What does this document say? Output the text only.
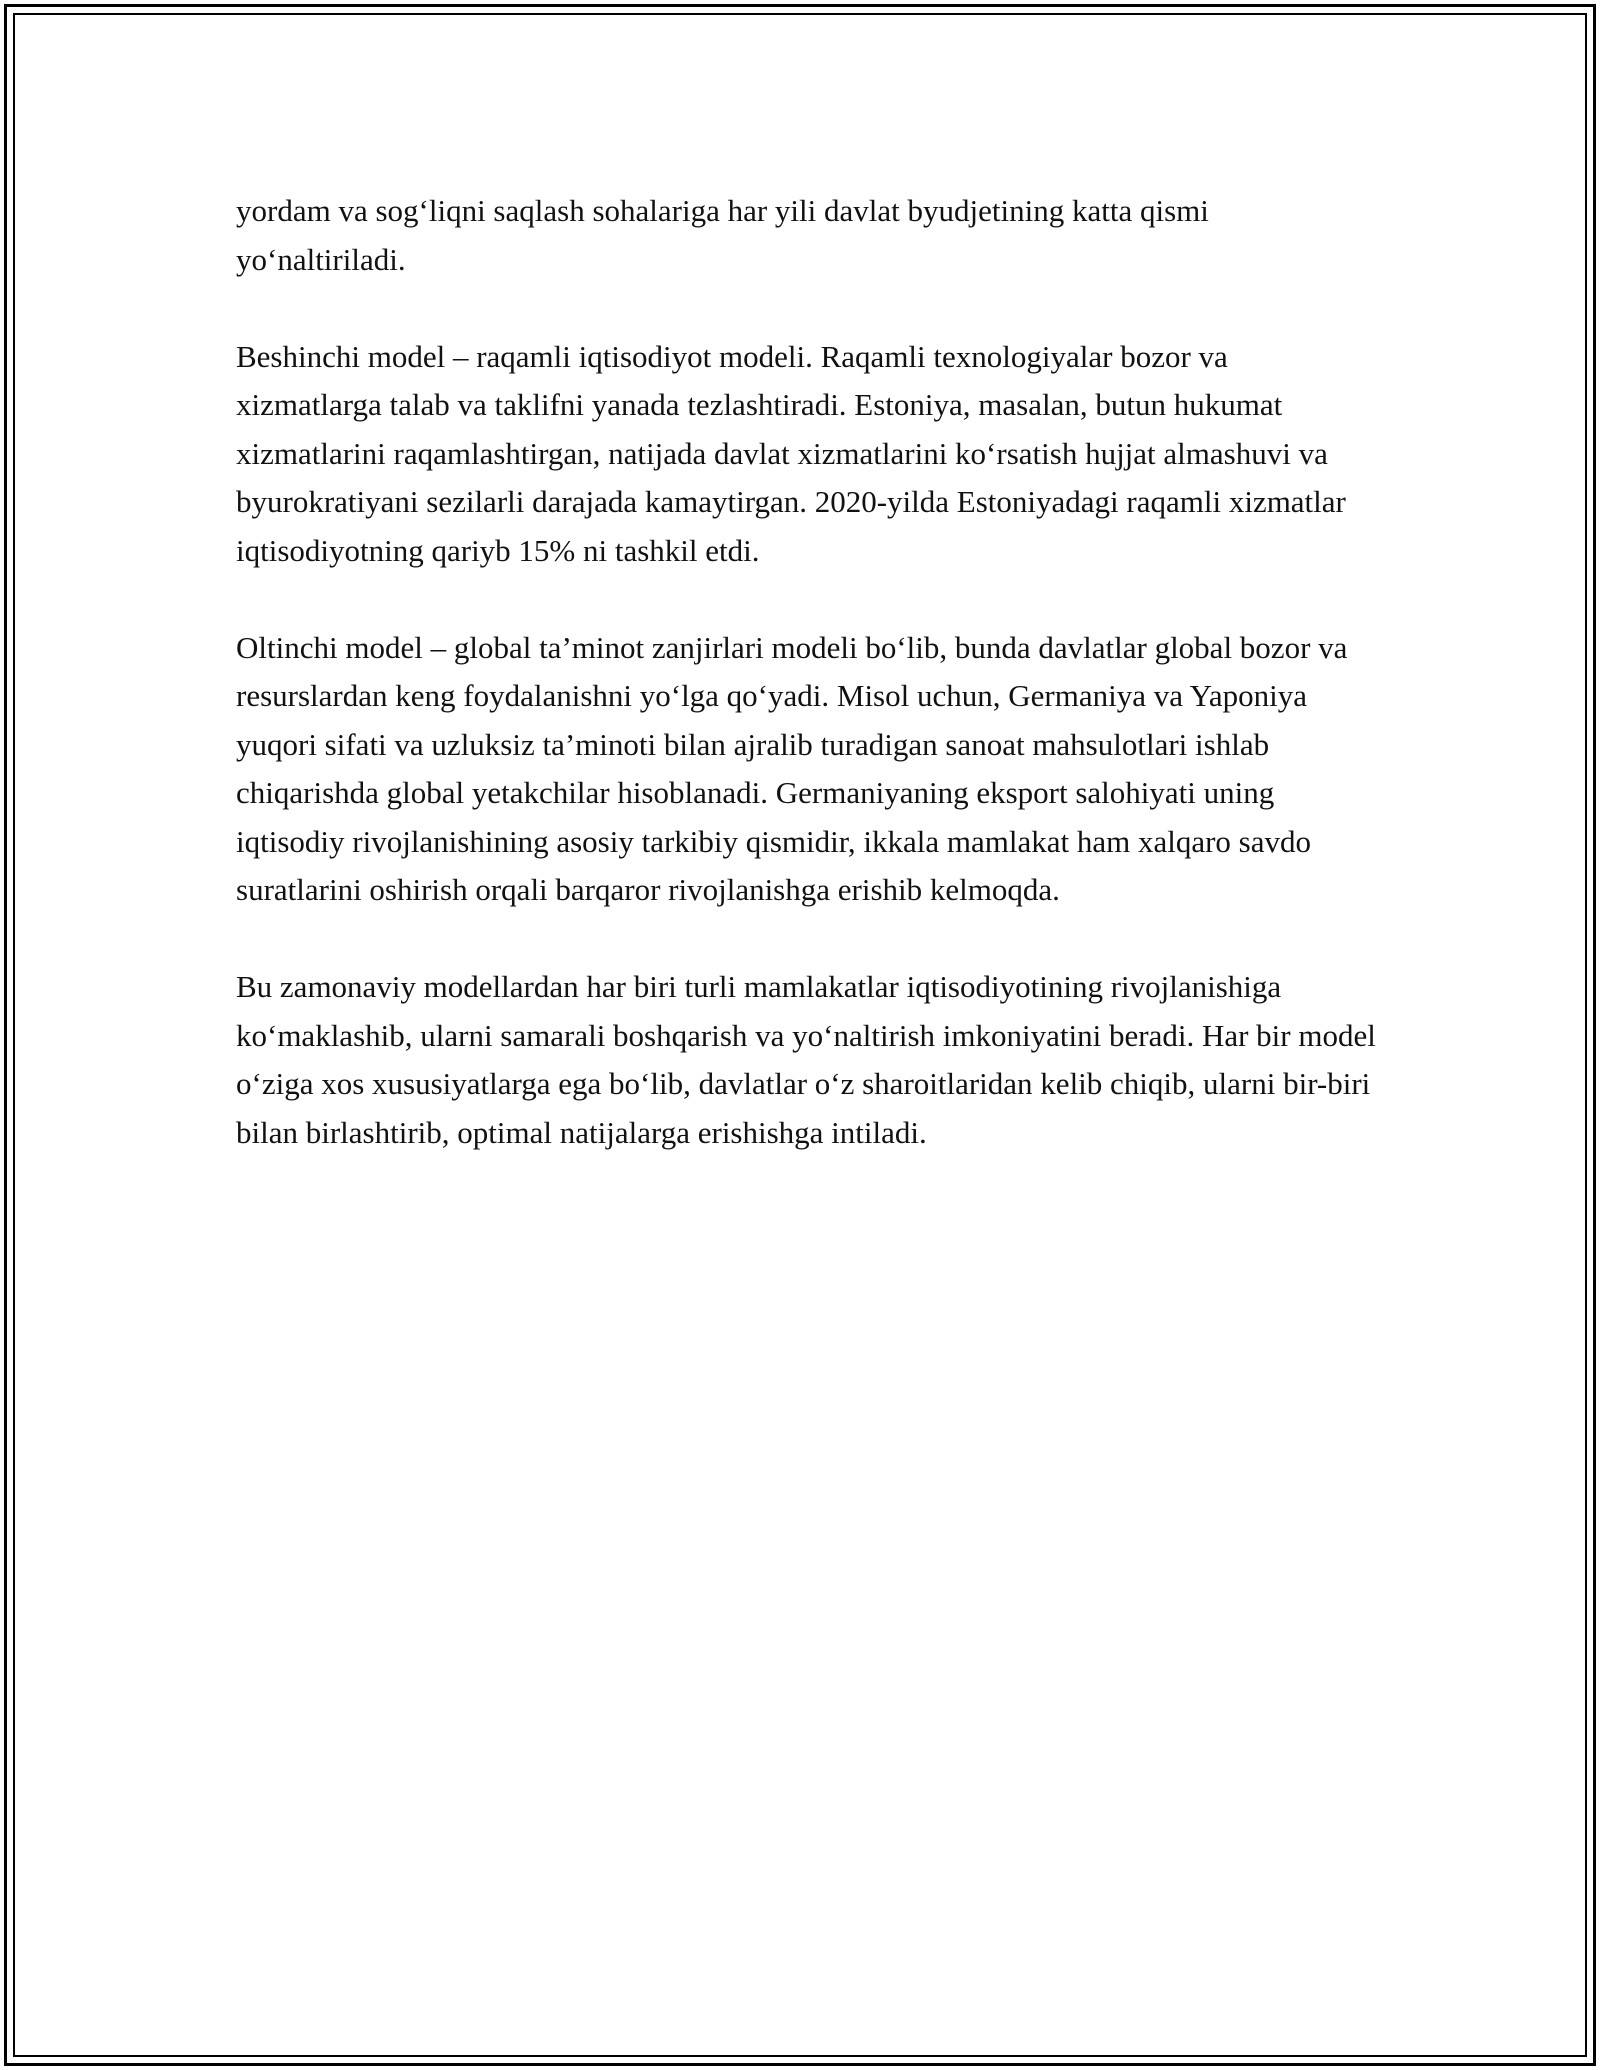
yordam va sog‘liqni saqlash sohalariga har yili davlat byudjetining katta qismi yo‘naltiriladi.

Beshinchi model – raqamli iqtisodiyot modeli. Raqamli texnologiyalar bozor va xizmatlarga talab va taklifni yanada tezlashtiradi. Estoniya, masalan, butun hukumat xizmatlarini raqamlashtirgan, natijada davlat xizmatlarini ko‘rsatish hujjat almashuvi va byurokratiyani sezilarli darajada kamaytirgan. 2020-yilda Estoniyadagi raqamli xizmatlar iqtisodiyotning qariyb 15% ni tashkil etdi.

Oltinchi model – global ta’minot zanjirlari modeli bo‘lib, bunda davlatlar global bozor va resurslardan keng foydalanishni yo‘lga qo‘yadi. Misol uchun, Germaniya va Yaponiya yuqori sifati va uzluksiz ta’minoti bilan ajralib turadigan sanoat mahsulotlari ishlab chiqarishda global yetakchilar hisoblanadi. Germaniyaning eksport salohiyati uning iqtisodiy rivojlanishining asosiy tarkibiy qismidir, ikkala mamlakat ham xalqaro savdo suratlarini oshirish orqali barqaror rivojlanishga erishib kelmoqda.

Bu zamonaviy modellardan har biri turli mamlakatlar iqtisodiyotining rivojlanishiga ko‘maklashib, ularni samarali boshqarish va yo‘naltirish imkoniyatini beradi. Har bir model o‘ziga xos xususiyatlarga ega bo‘lib, davlatlar o‘z sharoitlaridan kelib chiqib, ularni bir-biri bilan birlashtirib, optimal natijalarga erishishga intiladi.
